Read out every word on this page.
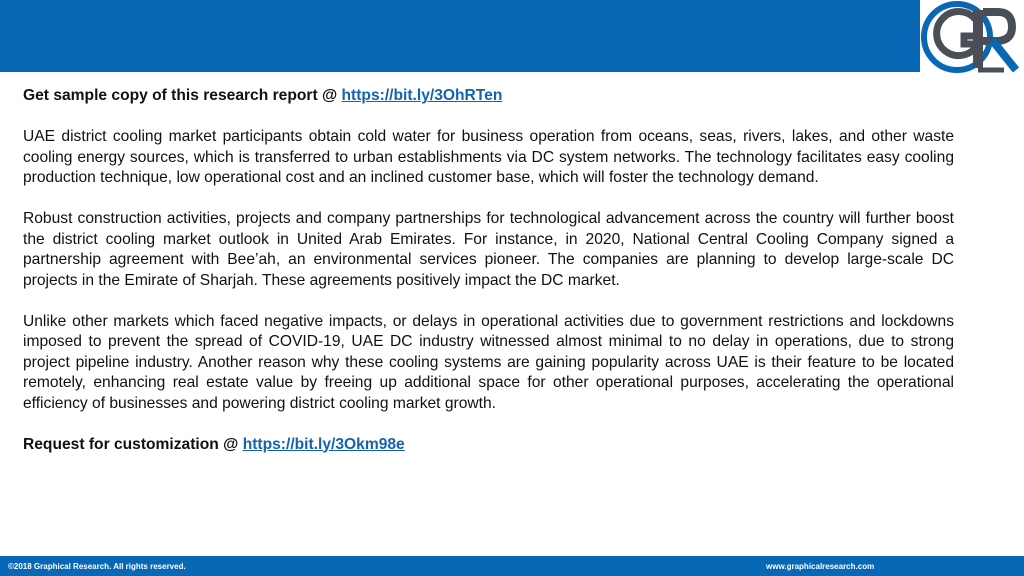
Get sample copy of this research report @ https://bit.ly/3OhRTen

UAE district cooling market participants obtain cold water for business operation from oceans, seas, rivers, lakes, and other waste cooling energy sources, which is transferred to urban establishments via DC system networks. The technology facilitates easy cooling production technique, low operational cost and an inclined customer base, which will foster the technology demand.

Robust construction activities, projects and company partnerships for technological advancement across the country will further boost the district cooling market outlook in United Arab Emirates. For instance, in 2020, National Central Cooling Company signed a partnership agreement with Bee’ah, an environmental services pioneer. The companies are planning to develop large-scale DC projects in the Emirate of Sharjah. These agreements positively impact the DC market.

Unlike other markets which faced negative impacts, or delays in operational activities due to government restrictions and lockdowns imposed to prevent the spread of COVID-19, UAE DC industry witnessed almost minimal to no delay in operations, due to strong project pipeline industry. Another reason why these cooling systems are gaining popularity across UAE is their feature to be located remotely, enhancing real estate value by freeing up additional space for other operational purposes, accelerating the operational efficiency of businesses and powering district cooling market growth.

Request for customization @ https://bit.ly/3Okm98e

©2018 Graphical Research. All rights reserved.	www.graphicalresearch.com
